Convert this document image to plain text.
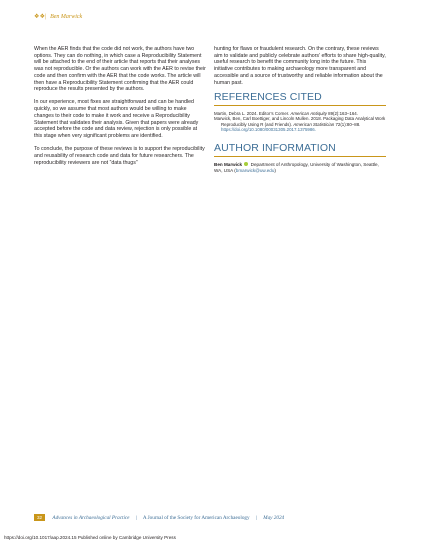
❖❖| Ben Marwick

When the AER finds that the code did not work, the authors have two options. They can do nothing, in which case a Reproducibility Statement will be attached to the end of their article that reports that their analyses was not reproducible. Or the authors can work with the AER to revise their code and then confirm with the AER that the code works. The article will then have a Reproducibility Statement confirming that the AER could reproduce the results presented by the authors.

In our experience, most fixes are straightforward and can be handled quickly, so we assume that most authors would be willing to make changes to their code to make it work and receive a Reproducibility Statement that validates their analysis. Given that papers were already accepted before the code and data review, rejection is only possible at this stage when very significant problems are identified.

To conclude, the purpose of these reviews is to support the reproducibility and reusability of research code and data for future researchers. The reproducibility reviewers are not “data thugs”

hunting for flaws or fraudulent research. On the contrary, these reviews aim to validate and publicly celebrate authors’ efforts to share high-quality, useful research to benefit the community long into the future. This initiative contributes to making archaeology more transparent and accessible and a source of trustworthy and reliable information about the human past.

REFERENCES CITED
Martin, Debra L. 2024. Editor’s Corner. American Antiquity 89(2):163–164.
Marwick, Ben, Carl Boettiger, and Lincoln Mullen. 2018. Packaging Data Analytical Work Reproducibly Using R (and Friends). American Statistician 72(1):80–88. https://doi.org/10.1080/00031305.2017.1375986.
AUTHOR INFORMATION
Ben Marwick  Department of Anthropology, University of Washington, Seattle, WA, USA (bmarwick@uw.edu)
32 Advances in Archaeological Practice | A Journal of the Society for American Archaeology | May 2024
https://doi.org/10.1017/aap.2024.15 Published online by Cambridge University Press
